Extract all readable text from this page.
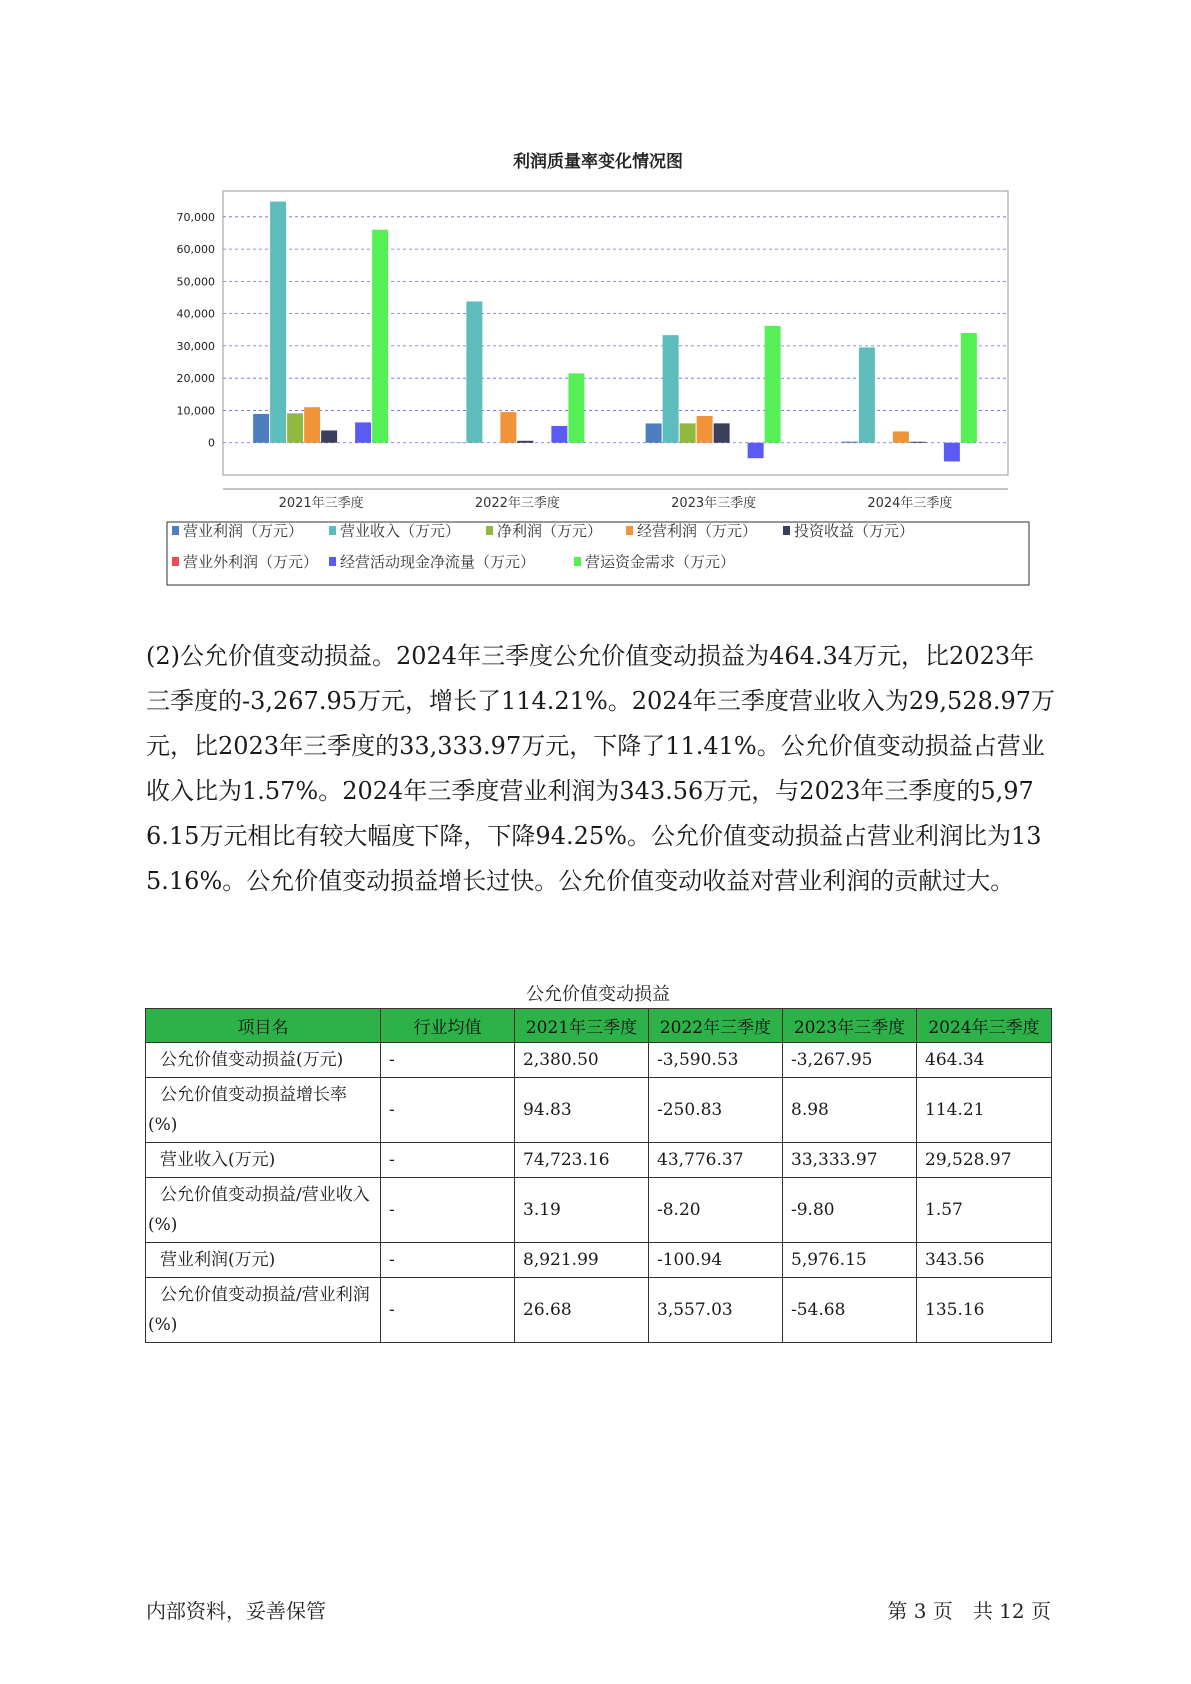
利润质量率变化情况图
0
10,000
20,000
30,000
40,000
50,000
60,000
70,000
2021年三季度	2022年三季度	2023年三季度	2024年三季度
营业利润（万元） 营业收入（万元） 净利润（万元） 经营利润（万元） 投资收益（万元）
营业外利润（万元） 经营活动现金净流量（万元）	营运资金需求（万元）

(2)公允价值变动损益。2024年三季度公允价值变动损益为464.34万元，比2023年三季度的-3,267.95万元，增长了114.21%。2024年三季度营业收入为29,528.97万元，比2023年三季度的33,333.97万元，下降了11.41%。公允价值变动损益占营业收入比为1.57%。2024年三季度营业利润为343.56万元，与2023年三季度的5,976.15万元相比有较大幅度下降，下降94.25%。公允价值变动损益占营业利润比为135.16%。公允价值变动损益增长过快。公允价值变动收益对营业利润的贡献过大。

公允价值变动损益
项目名	行业均值	2021年三季度	2022年三季度	2023年三季度	2024年三季度
公允价值变动损益(万元)	-	2,380.50	-3,590.53	-3,267.95	464.34
公允价值变动损益增长率(%)	-	94.83	-250.83	8.98	114.21
营业收入(万元)	-	74,723.16	43,776.37	33,333.97	29,528.97
公允价值变动损益/营业收入(%)	-	3.19	-8.20	-9.80	1.57
营业利润(万元)	-	8,921.99	-100.94	5,976.15	343.56
公允价值变动损益/营业利润(%)	-	26.68	3,557.03	-54.68	135.16
内部资料，妥善保管	第 3 页　共 12 页
